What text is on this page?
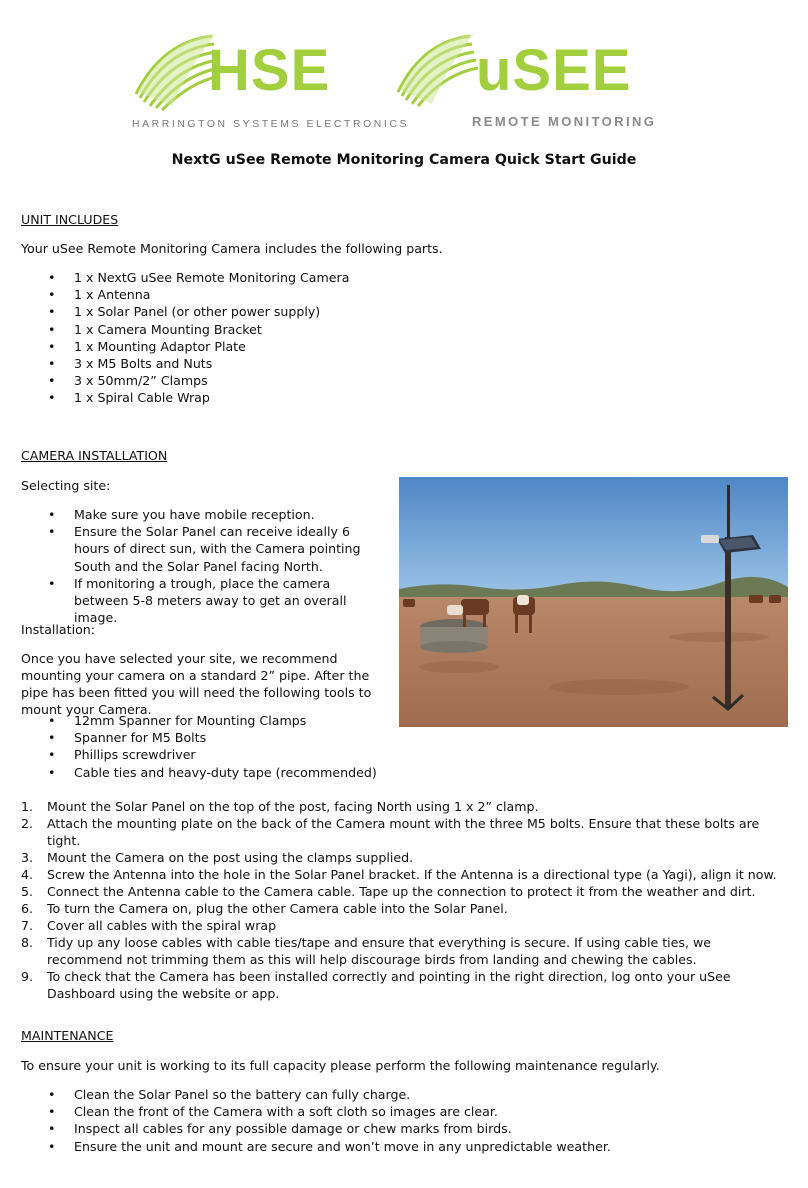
HSE
HARRINGTON SYSTEMS ELECTRONICS
uSEE
REMOTE MONITORING
NextG uSee Remote Monitoring Camera Quick Start Guide
UNIT INCLUDES
Your uSee Remote Monitoring Camera includes the following parts.
• 1 x NextG uSee Remote Monitoring Camera
• 1 x Antenna
• 1 x Solar Panel (or other power supply)
• 1 x Camera Mounting Bracket
• 1 x Mounting Adaptor Plate
• 3 x M5 Bolts and Nuts
• 3 x 50mm/2” Clamps
• 1 x Spiral Cable Wrap
CAMERA INSTALLATION
Selecting site:
• Make sure you have mobile reception.
• Ensure the Solar Panel can receive ideally 6 hours of direct sun, with the Camera pointing South and the Solar Panel facing North.
• If monitoring a trough, place the camera between 5-8 meters away to get an overall image.
Installation:
Once you have selected your site, we recommend mounting your camera on a standard 2” pipe. After the pipe has been fitted you will need the following tools to mount your Camera.
• 12mm Spanner for Mounting Clamps
• Spanner for M5 Bolts
• Phillips screwdriver
• Cable ties and heavy-duty tape (recommended)
1. Mount the Solar Panel on the top of the post, facing North using 1 x 2” clamp.
2. Attach the mounting plate on the back of the Camera mount with the three M5 bolts. Ensure that these bolts are tight.
3. Mount the Camera on the post using the clamps supplied.
4. Screw the Antenna into the hole in the Solar Panel bracket. If the Antenna is a directional type (a Yagi), align it now.
5. Connect the Antenna cable to the Camera cable. Tape up the connection to protect it from the weather and dirt.
6. To turn the Camera on, plug the other Camera cable into the Solar Panel.
7. Cover all cables with the spiral wrap
8. Tidy up any loose cables with cable ties/tape and ensure that everything is secure. If using cable ties, we recommend not trimming them as this will help discourage birds from landing and chewing the cables.
9. To check that the Camera has been installed correctly and pointing in the right direction, log onto your uSee Dashboard using the website or app.
MAINTENANCE
To ensure your unit is working to its full capacity please perform the following maintenance regularly.
• Clean the Solar Panel so the battery can fully charge.
• Clean the front of the Camera with a soft cloth so images are clear.
• Inspect all cables for any possible damage or chew marks from birds.
• Ensure the unit and mount are secure and won’t move in any unpredictable weather.
